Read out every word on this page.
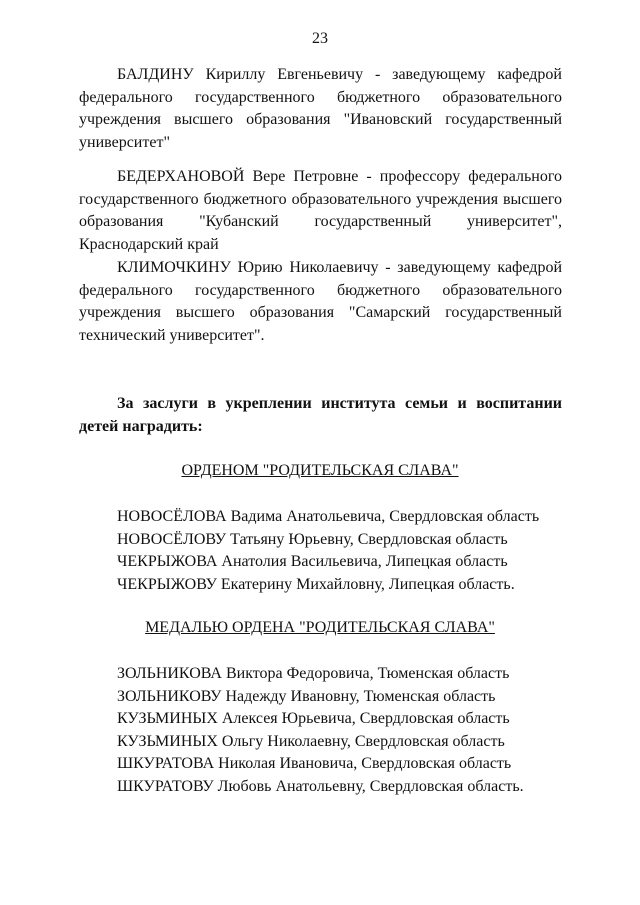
23

БАЛДИНУ Кириллу Евгеньевичу - заведующему кафедрой федерального государственного бюджетного образовательного учреждения высшего образования "Ивановский государственный университет"

БЕДЕРХАНОВОЙ Вере Петровне - профессору федерального государственного бюджетного образовательного учреждения высшего образования "Кубанский государственный университет", Краснодарский край

КЛИМОЧКИНУ Юрию Николаевичу - заведующему кафедрой федерального государственного бюджетного образовательного учреждения высшего образования "Самарский государственный технический университет".

За заслуги в укреплении института семьи и воспитании детей наградить:

ОРДЕНОМ "РОДИТЕЛЬСКАЯ СЛАВА"

НОВОСЁЛОВА Вадима Анатольевича, Свердловская область
НОВОСЁЛОВУ Татьяну Юрьевну, Свердловская область
ЧЕКРЫЖОВА Анатолия Васильевича, Липецкая область
ЧЕКРЫЖОВУ Екатерину Михайловну, Липецкая область.

МЕДАЛЬЮ ОРДЕНА "РОДИТЕЛЬСКАЯ СЛАВА"

ЗОЛЬНИКОВА Виктора Федоровича, Тюменская область
ЗОЛЬНИКОВУ Надежду Ивановну, Тюменская область
КУЗЬМИНЫХ Алексея Юрьевича, Свердловская область
КУЗЬМИНЫХ Ольгу Николаевну, Свердловская область
ШКУРАТОВА Николая Ивановича, Свердловская область
ШКУРАТОВУ Любовь Анатольевну, Свердловская область.
